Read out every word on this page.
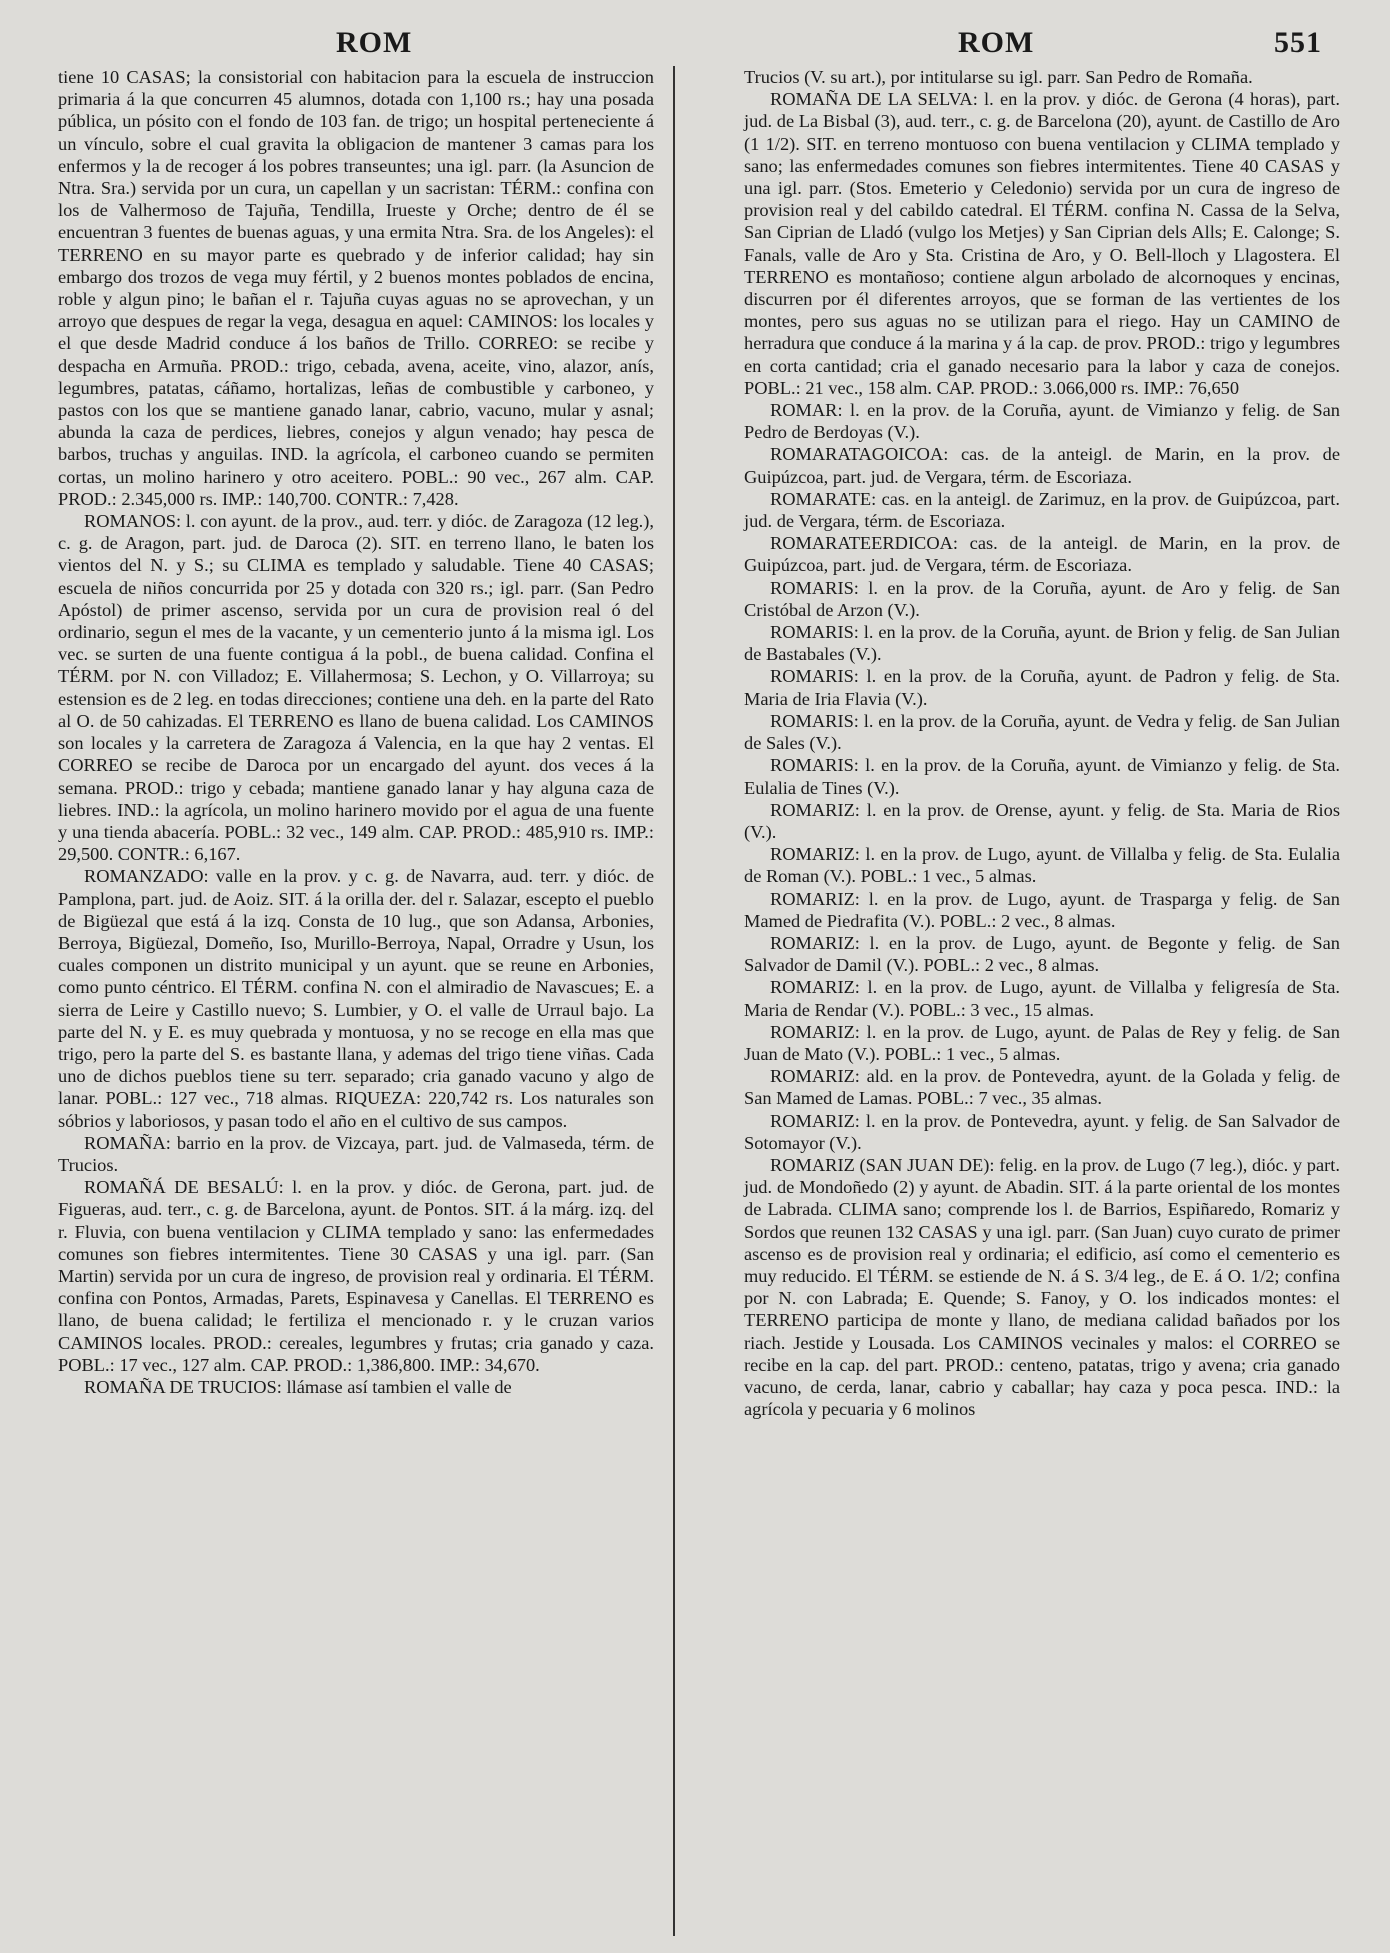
ROM	ROM	551

tiene 10 CASAS; la consistorial con habitacion para la escuela de instruccion primaria á la que concurren 45 alumnos, dotada con 1,100 rs.; hay una posada pública, un pósito con el fondo de 103 fan. de trigo; un hospital perteneciente á un vínculo, sobre el cual gravita la obligacion de mantener 3 camas para los enfermos y la de recoger á los pobres transeuntes; una igl. parr. (la Asuncion de Ntra. Sra.) servida por un cura, un capellan y un sacristan: TÉRM.: confina con los de Valhermoso de Tajuña, Tendilla, Irueste y Orche; dentro de él se encuentran 3 fuentes de buenas aguas, y una ermita Ntra. Sra. de los Angeles): el TERRENO en su mayor parte es quebrado y de inferior calidad; hay sin embargo dos trozos de vega muy fértil, y 2 buenos montes poblados de encina, roble y algun pino; le bañan el r. Tajuña cuyas aguas no se aprovechan, y un arroyo que despues de regar la vega, desagua en aquel: CAMINOS: los locales y el que desde Madrid conduce á los baños de Trillo. CORREO: se recibe y despacha en Armuña. PROD.: trigo, cebada, avena, aceite, vino, alazor, anís, legumbres, patatas, cáñamo, hortalizas, leñas de combustible y carboneo, y pastos con los que se mantiene ganado lanar, cabrio, vacuno, mular y asnal; abunda la caza de perdices, liebres, conejos y algun venado; hay pesca de barbos, truchas y anguilas. IND. la agrícola, el carboneo cuando se permiten cortas, un molino harinero y otro aceitero. POBL.: 90 vec., 267 alm. CAP. PROD.: 2.345,000 rs. IMP.: 140,700. CONTR.: 7,428.

ROMANOS: l. con ayunt. de la prov., aud. terr. y dióc. de Zaragoza (12 leg.), c. g. de Aragon, part. jud. de Daroca (2). SIT. en terreno llano, le baten los vientos del N. y S.; su CLIMA es templado y saludable. Tiene 40 CASAS; escuela de niños concurrida por 25 y dotada con 320 rs.; igl. parr. (San Pedro Apóstol) de primer ascenso, servida por un cura de provision real ó del ordinario, segun el mes de la vacante, y un cementerio junto á la misma igl. Los vec. se surten de una fuente contigua á la pobl., de buena calidad. Confina el TÉRM. por N. con Villadoz; E. Villahermosa; S. Lechon, y O. Villarroya; su estension es de 2 leg. en todas direcciones; contiene una deh. en la parte del Rato al O. de 50 cahizadas. El TERRENO es llano de buena calidad. Los CAMINOS son locales y la carretera de Zaragoza á Valencia, en la que hay 2 ventas. El CORREO se recibe de Daroca por un encargado del ayunt. dos veces á la semana. PROD.: trigo y cebada; mantiene ganado lanar y hay alguna caza de liebres. IND.: la agrícola, un molino harinero movido por el agua de una fuente y una tienda abacería. POBL.: 32 vec., 149 alm. CAP. PROD.: 485,910 rs. IMP.: 29,500. CONTR.: 6,167.

ROMANZADO: valle en la prov. y c. g. de Navarra, aud. terr. y dióc. de Pamplona, part. jud. de Aoiz. SIT. á la orilla der. del r. Salazar, escepto el pueblo de Bigüezal que está á la izq. Consta de 10 lug., que son Adansa, Arbonies, Berroya, Bigüezal, Domeño, Iso, Murillo-Berroya, Napal, Orradre y Usun, los cuales componen un distrito municipal y un ayunt. que se reune en Arbonies, como punto céntrico. El TÉRM. confina N. con el almiradio de Navascues; E. a sierra de Leire y Castillo nuevo; S. Lumbier, y O. el valle de Urraul bajo. La parte del N. y E. es muy quebrada y montuosa, y no se recoge en ella mas que trigo, pero la parte del S. es bastante llana, y ademas del trigo tiene viñas. Cada uno de dichos pueblos tiene su terr. separado; cria ganado vacuno y algo de lanar. POBL.: 127 vec., 718 almas. RIQUEZA: 220,742 rs. Los naturales son sóbrios y laboriosos, y pasan todo el año en el cultivo de sus campos.

ROMAÑA: barrio en la prov. de Vizcaya, part. jud. de Valmaseda, térm. de Trucios.

ROMAÑÁ DE BESALÚ: l. en la prov. y dióc. de Gerona, part. jud. de Figueras, aud. terr., c. g. de Barcelona, ayunt. de Pontos. SIT. á la márg. izq. del r. Fluvia, con buena ventilacion y CLIMA templado y sano: las enfermedades comunes son fiebres intermitentes. Tiene 30 CASAS y una igl. parr. (San Martin) servida por un cura de ingreso, de provision real y ordinaria. El TÉRM. confina con Pontos, Armadas, Parets, Espinavesa y Canellas. El TERRENO es llano, de buena calidad; le fertiliza el mencionado r. y le cruzan varios CAMINOS locales. PROD.: cereales, legumbres y frutas; cria ganado y caza. POBL.: 17 vec., 127 alm. CAP. PROD.: 1,386,800. IMP.: 34,670.

ROMAÑA DE TRUCIOS: llámase así tambien el valle de

Trucios (V. su art.), por intitularse su igl. parr. San Pedro de Romaña.

ROMAÑA DE LA SELVA: l. en la prov. y dióc. de Gerona (4 horas), part. jud. de La Bisbal (3), aud. terr., c. g. de Barcelona (20), ayunt. de Castillo de Aro (1 1/2). SIT. en terreno montuoso con buena ventilacion y CLIMA templado y sano; las enfermedades comunes son fiebres intermitentes. Tiene 40 CASAS y una igl. parr. (Stos. Emeterio y Celedonio) servida por un cura de ingreso de provision real y del cabildo catedral. El TÉRM. confina N. Cassa de la Selva, San Ciprian de Lladó (vulgo los Metjes) y San Ciprian dels Alls; E. Calonge; S. Fanals, valle de Aro y Sta. Cristina de Aro, y O. Bell-lloch y Llagostera. El TERRENO es montañoso; contiene algun arbolado de alcornoques y encinas, discurren por él diferentes arroyos, que se forman de las vertientes de los montes, pero sus aguas no se utilizan para el riego. Hay un CAMINO de herradura que conduce á la marina y á la cap. de prov. PROD.: trigo y legumbres en corta cantidad; cria el ganado necesario para la labor y caza de conejos. POBL.: 21 vec., 158 alm. CAP. PROD.: 3.066,000 rs. IMP.: 76,650

ROMAR: l. en la prov. de la Coruña, ayunt. de Vimianzo y felig. de San Pedro de Berdoyas (V.).

ROMARATAGOICOA: cas. de la anteigl. de Marin, en la prov. de Guipúzcoa, part. jud. de Vergara, térm. de Escoriaza.

ROMARATE: cas. en la anteigl. de Zarimuz, en la prov. de Guipúzcoa, part. jud. de Vergara, térm. de Escoriaza.

ROMARATEERDICOA: cas. de la anteigl. de Marin, en la prov. de Guipúzcoa, part. jud. de Vergara, térm. de Escoriaza.

ROMARIS: l. en la prov. de la Coruña, ayunt. de Aro y felig. de San Cristóbal de Arzon (V.).

ROMARIS: l. en la prov. de la Coruña, ayunt. de Brion y felig. de San Julian de Bastabales (V.).

ROMARIS: l. en la prov. de la Coruña, ayunt. de Padron y felig. de Sta. Maria de Iria Flavia (V.).

ROMARIS: l. en la prov. de la Coruña, ayunt. de Vedra y felig. de San Julian de Sales (V.).

ROMARIS: l. en la prov. de la Coruña, ayunt. de Vimianzo y felig. de Sta. Eulalia de Tines (V.).

ROMARIZ: l. en la prov. de Orense, ayunt. y felig. de Sta. Maria de Rios (V.).

ROMARIZ: l. en la prov. de Lugo, ayunt. de Villalba y felig. de Sta. Eulalia de Roman (V.). POBL.: 1 vec., 5 almas.

ROMARIZ: l. en la prov. de Lugo, ayunt. de Trasparga y felig. de San Mamed de Piedrafita (V.). POBL.: 2 vec., 8 almas.

ROMARIZ: l. en la prov. de Lugo, ayunt. de Begonte y felig. de San Salvador de Damil (V.). POBL.: 2 vec., 8 almas.

ROMARIZ: l. en la prov. de Lugo, ayunt. de Villalba y feligresía de Sta. Maria de Rendar (V.). POBL.: 3 vec., 15 almas.

ROMARIZ: l. en la prov. de Lugo, ayunt. de Palas de Rey y felig. de San Juan de Mato (V.). POBL.: 1 vec., 5 almas.

ROMARIZ: ald. en la prov. de Pontevedra, ayunt. de la Golada y felig. de San Mamed de Lamas. POBL.: 7 vec., 35 almas.

ROMARIZ: l. en la prov. de Pontevedra, ayunt. y felig. de San Salvador de Sotomayor (V.).

ROMARIZ (SAN JUAN DE): felig. en la prov. de Lugo (7 leg.), dióc. y part. jud. de Mondoñedo (2) y ayunt. de Abadin. SIT. á la parte oriental de los montes de Labrada. CLIMA sano; comprende los l. de Barrios, Espiñaredo, Romariz y Sordos que reunen 132 CASAS y una igl. parr. (San Juan) cuyo curato de primer ascenso es de provision real y ordinaria; el edificio, así como el cementerio es muy reducido. El TÉRM. se estiende de N. á S. 3/4 leg., de E. á O. 1/2; confina por N. con Labrada; E. Quende; S. Fanoy, y O. los indicados montes: el TERRENO participa de monte y llano, de mediana calidad bañados por los riach. Jestide y Lousada. Los CAMINOS vecinales y malos: el CORREO se recibe en la cap. del part. PROD.: centeno, patatas, trigo y avena; cria ganado vacuno, de cerda, lanar, cabrio y caballar; hay caza y poca pesca. IND.: la agrícola y pecuaria y 6 molinos
